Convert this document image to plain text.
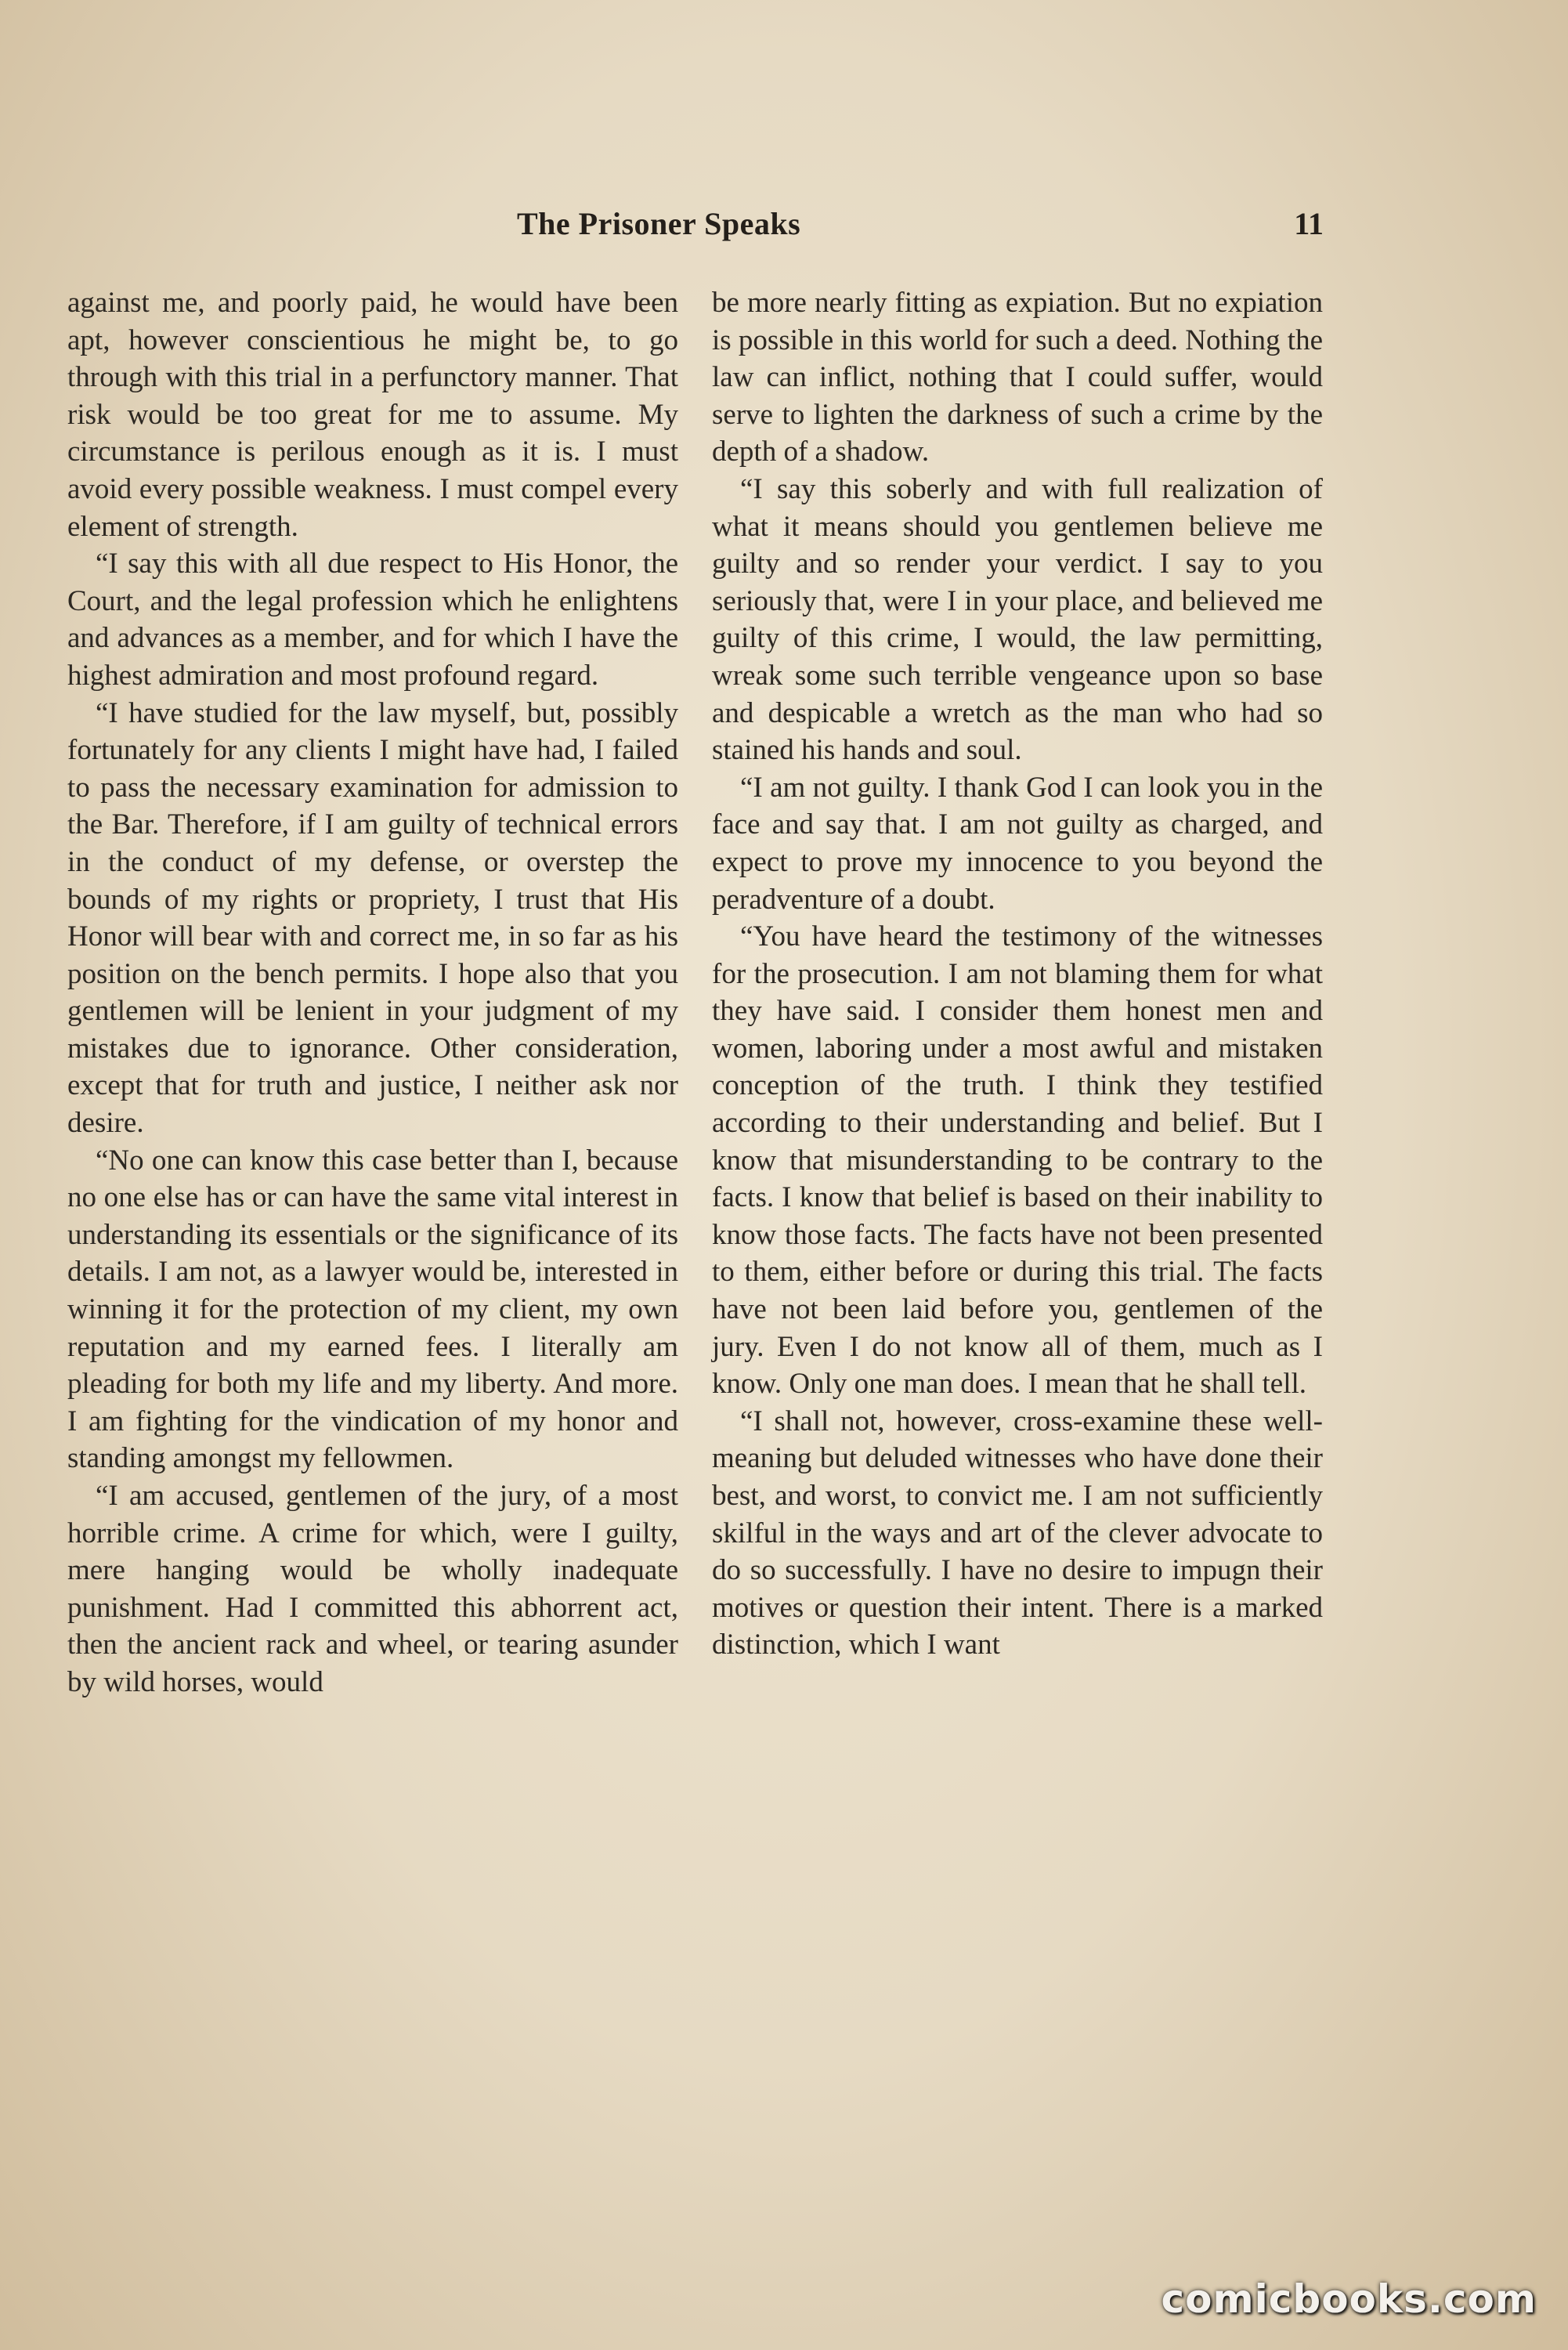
The Prisoner Speaks	11

against me, and poorly paid, he would have been apt, however conscientious he might be, to go through with this trial in a perfunctory manner. That risk would be too great for me to assume. My circumstance is perilous enough as it is. I must avoid every possible weakness. I must compel every element of strength.

“I say this with all due respect to His Honor, the Court, and the legal profession which he enlightens and advances as a member, and for which I have the highest admiration and most profound regard.

“I have studied for the law myself, but, possibly fortunately for any clients I might have had, I failed to pass the necessary examination for admission to the Bar. Therefore, if I am guilty of technical errors in the conduct of my defense, or overstep the bounds of my rights or propriety, I trust that His Honor will bear with and correct me, in so far as his position on the bench permits. I hope also that you gentlemen will be lenient in your judgment of my mistakes due to ignorance. Other consideration, except that for truth and justice, I neither ask nor desire.

“No one can know this case better than I, because no one else has or can have the same vital interest in understanding its essentials or the significance of its details. I am not, as a lawyer would be, interested in winning it for the protection of my client, my own reputation and my earned fees. I literally am pleading for both my life and my liberty. And more. I am fighting for the vindication of my honor and standing amongst my fellowmen.

“I am accused, gentlemen of the jury, of a most horrible crime. A crime for which, were I guilty, mere hanging would be wholly inadequate punishment. Had I committed this abhorrent act, then the ancient rack and wheel, or tearing asunder by wild horses, would

be more nearly fitting as expiation. But no expiation is possible in this world for such a deed. Nothing the law can inflict, nothing that I could suffer, would serve to lighten the darkness of such a crime by the depth of a shadow.

“I say this soberly and with full realization of what it means should you gentlemen believe me guilty and so render your verdict. I say to you seriously that, were I in your place, and believed me guilty of this crime, I would, the law permitting, wreak some such terrible vengeance upon so base and despicable a wretch as the man who had so stained his hands and soul.

“I am not guilty. I thank God I can look you in the face and say that. I am not guilty as charged, and expect to prove my innocence to you beyond the peradventure of a doubt.

“You have heard the testimony of the witnesses for the prosecution. I am not blaming them for what they have said. I consider them honest men and women, laboring under a most awful and mistaken conception of the truth. I think they testified according to their understanding and belief. But I know that misunderstanding to be contrary to the facts. I know that belief is based on their inability to know those facts. The facts have not been presented to them, either before or during this trial. The facts have not been laid before you, gentlemen of the jury. Even I do not know all of them, much as I know. Only one man does. I mean that he shall tell.

“I shall not, however, cross-examine these well-meaning but deluded witnesses who have done their best, and worst, to convict me. I am not sufficiently skilful in the ways and art of the clever advocate to do so successfully. I have no desire to impugn their motives or question their intent. There is a marked distinction, which I want

comicbooks.com
